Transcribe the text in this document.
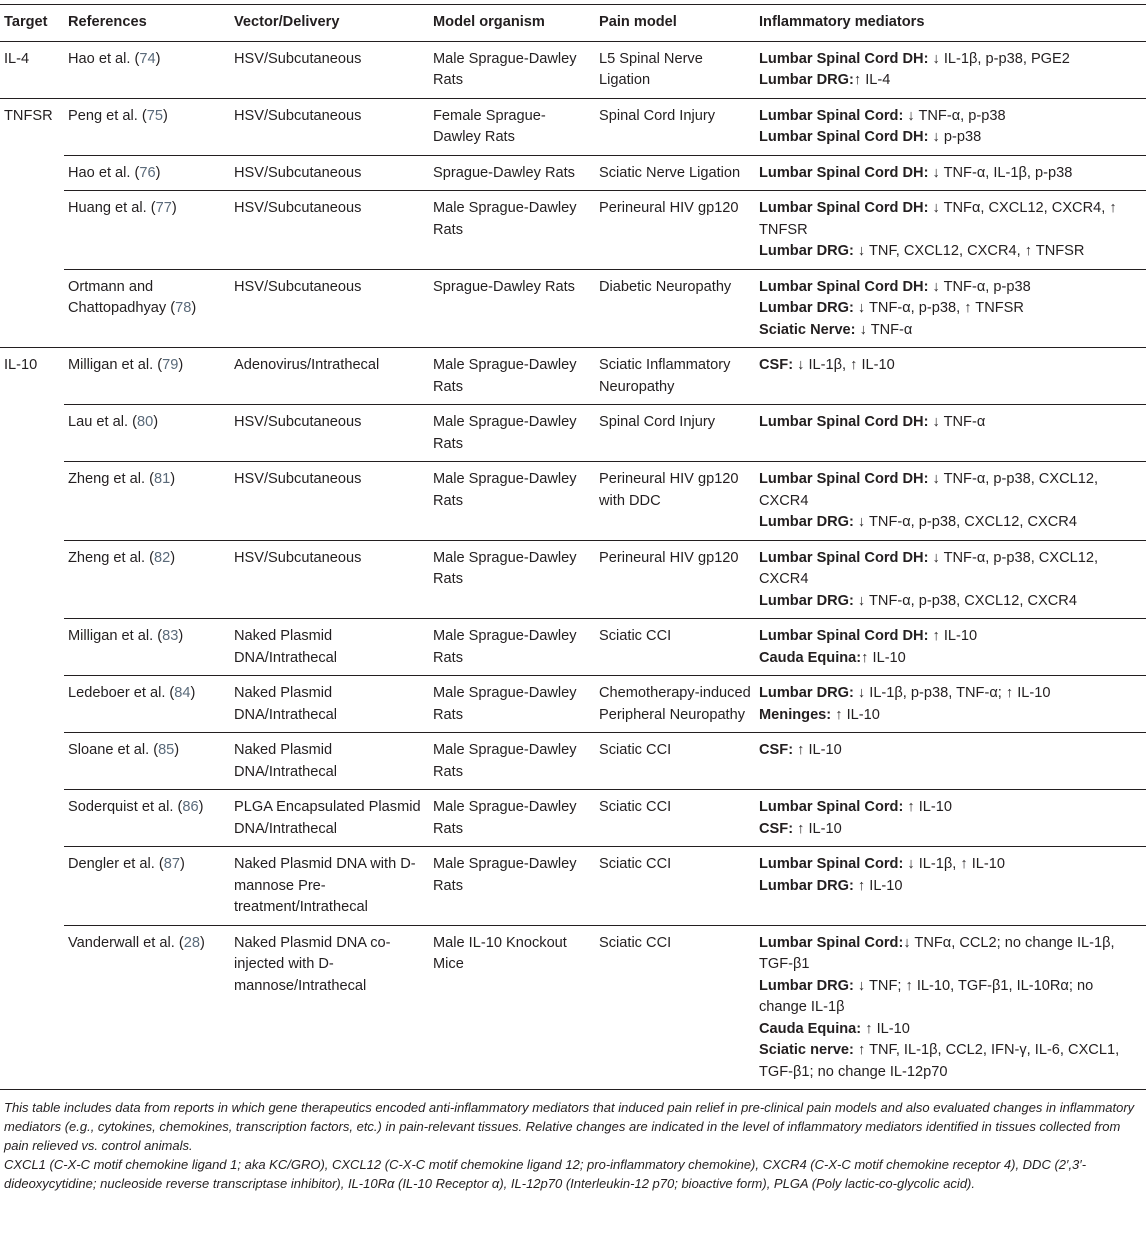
Target	References	Vector/Delivery	Model organism	Pain model	Inflammatory mediators
IL-4	Hao et al. (74)	HSV/Subcutaneous	Male Sprague-Dawley Rats	L5 Spinal Nerve Ligation	Lumbar Spinal Cord DH: ↓ IL-1β, p-p38, PGE2
Lumbar DRG:↑ IL-4

TNFSR	Peng et al. (75)	HSV/Subcutaneous	Female Sprague-Dawley Rats	Spinal Cord Injury	Lumbar Spinal Cord: ↓ TNF-α, p-p38
Lumbar Spinal Cord DH: ↓ p-p38

	Hao et al. (76)	HSV/Subcutaneous	Sprague-Dawley Rats	Sciatic Nerve Ligation	Lumbar Spinal Cord DH: ↓ TNF-α, IL-1β, p-p38

	Huang et al. (77)	HSV/Subcutaneous	Male Sprague-Dawley Rats	Perineural HIV gp120	Lumbar Spinal Cord DH: ↓ TNFα, CXCL12, CXCR4, ↑ TNFSR
Lumbar DRG: ↓ TNF, CXCL12, CXCR4, ↑ TNFSR

	Ortmann and Chattopadhyay (78)	HSV/Subcutaneous	Sprague-Dawley Rats	Diabetic Neuropathy	Lumbar Spinal Cord DH: ↓ TNF-α, p-p38
Lumbar DRG: ↓ TNF-α, p-p38, ↑ TNFSR
Sciatic Nerve: ↓ TNF-α

IL-10	Milligan et al. (79)	Adenovirus/Intrathecal	Male Sprague-Dawley Rats	Sciatic Inflammatory Neuropathy	CSF: ↓ IL-1β, ↑ IL-10

	Lau et al. (80)	HSV/Subcutaneous	Male Sprague-Dawley Rats	Spinal Cord Injury	Lumbar Spinal Cord DH: ↓ TNF-α

	Zheng et al. (81)	HSV/Subcutaneous	Male Sprague-Dawley Rats	Perineural HIV gp120 with DDC	Lumbar Spinal Cord DH: ↓ TNF-α, p-p38, CXCL12, CXCR4
Lumbar DRG: ↓ TNF-α, p-p38, CXCL12, CXCR4

	Zheng et al. (82)	HSV/Subcutaneous	Male Sprague-Dawley Rats	Perineural HIV gp120	Lumbar Spinal Cord DH: ↓ TNF-α, p-p38, CXCL12, CXCR4
Lumbar DRG: ↓ TNF-α, p-p38, CXCL12, CXCR4

	Milligan et al. (83)	Naked Plasmid DNA/Intrathecal	Male Sprague-Dawley Rats	Sciatic CCI	Lumbar Spinal Cord DH: ↑ IL-10
Cauda Equina:↑ IL-10

	Ledeboer et al. (84)	Naked Plasmid DNA/Intrathecal	Male Sprague-Dawley Rats	Chemotherapy-induced Peripheral Neuropathy	Lumbar DRG: ↓ IL-1β, p-p38, TNF-α; ↑ IL-10
Meninges: ↑ IL-10

	Sloane et al. (85)	Naked Plasmid DNA/Intrathecal	Male Sprague-Dawley Rats	Sciatic CCI	CSF: ↑ IL-10

	Soderquist et al. (86)	PLGA Encapsulated Plasmid DNA/Intrathecal	Male Sprague-Dawley Rats	Sciatic CCI	Lumbar Spinal Cord: ↑ IL-10
CSF: ↑ IL-10

	Dengler et al. (87)	Naked Plasmid DNA with D-mannose Pre-treatment/Intrathecal	Male Sprague-Dawley Rats	Sciatic CCI	Lumbar Spinal Cord: ↓ IL-1β, ↑ IL-10
Lumbar DRG: ↑ IL-10

	Vanderwall et al. (28)	Naked Plasmid DNA co-injected with D-mannose/Intrathecal	Male IL-10 Knockout Mice	Sciatic CCI	Lumbar Spinal Cord:↓ TNFα, CCL2; no change IL-1β, TGF-β1
Lumbar DRG: ↓ TNF; ↑ IL-10, TGF-β1, IL-10Rα; no change IL-1β
Cauda Equina: ↑ IL-10
Sciatic nerve: ↑ TNF, IL-1β, CCL2, IFN-γ, IL-6, CXCL1, TGF-β1; no change IL-12p70
This table includes data from reports in which gene therapeutics encoded anti-inflammatory mediators that induced pain relief in pre-clinical pain models and also evaluated changes in inflammatory mediators (e.g., cytokines, chemokines, transcription factors, etc.) in pain-relevant tissues. Relative changes are indicated in the level of inflammatory mediators identified in tissues collected from pain relieved vs. control animals.
CXCL1 (C-X-C motif chemokine ligand 1; aka KC/GRO), CXCL12 (C-X-C motif chemokine ligand 12; pro-inflammatory chemokine), CXCR4 (C-X-C motif chemokine receptor 4), DDC (2′,3′-dideoxycytidine; nucleoside reverse transcriptase inhibitor), IL-10Rα (IL-10 Receptor α), IL-12p70 (Interleukin-12 p70; bioactive form), PLGA (Poly lactic-co-glycolic acid).
